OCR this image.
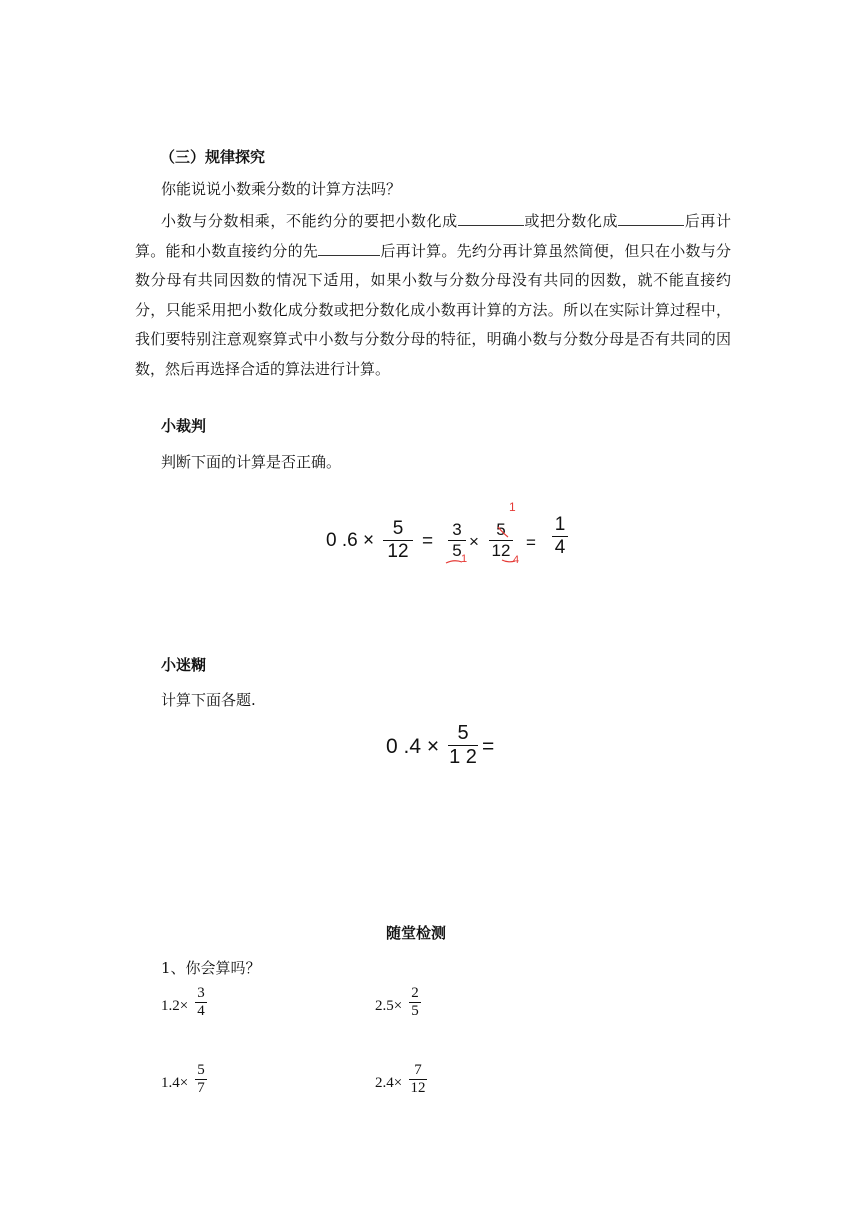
（三）规律探究
你能说说小数乘分数的计算方法吗？
小数与分数相乘，不能约分的要把小数化成	或把分数化成	后再计算。能和小数直接约分的先	后再计算。先约分再计算虽然简便，但只在小数与分数分母有共同因数的情况下适用，如果小数与分数分母没有共同的因数，就不能直接约分，只能采用把小数化成分数或把分数化成小数再计算的方法。所以在实际计算过程中，我们要特别注意观察算式中小数与分数分母的特征，明确小数与分数分母是否有共同的因数，然后再选择合适的算法进行计算。
小裁判
判断下面的计算是否正确。
0 .6 ×
5
12 =
3
5 ×
5
12 =
1
4
1
1	4
小迷糊
计算下面各题.
0 .4 ×
5
1 2 =
随堂检测
1、你会算吗？
1.2×
3
4	2.5×
2
5
1.4×
5
7	2.4×
7
12
